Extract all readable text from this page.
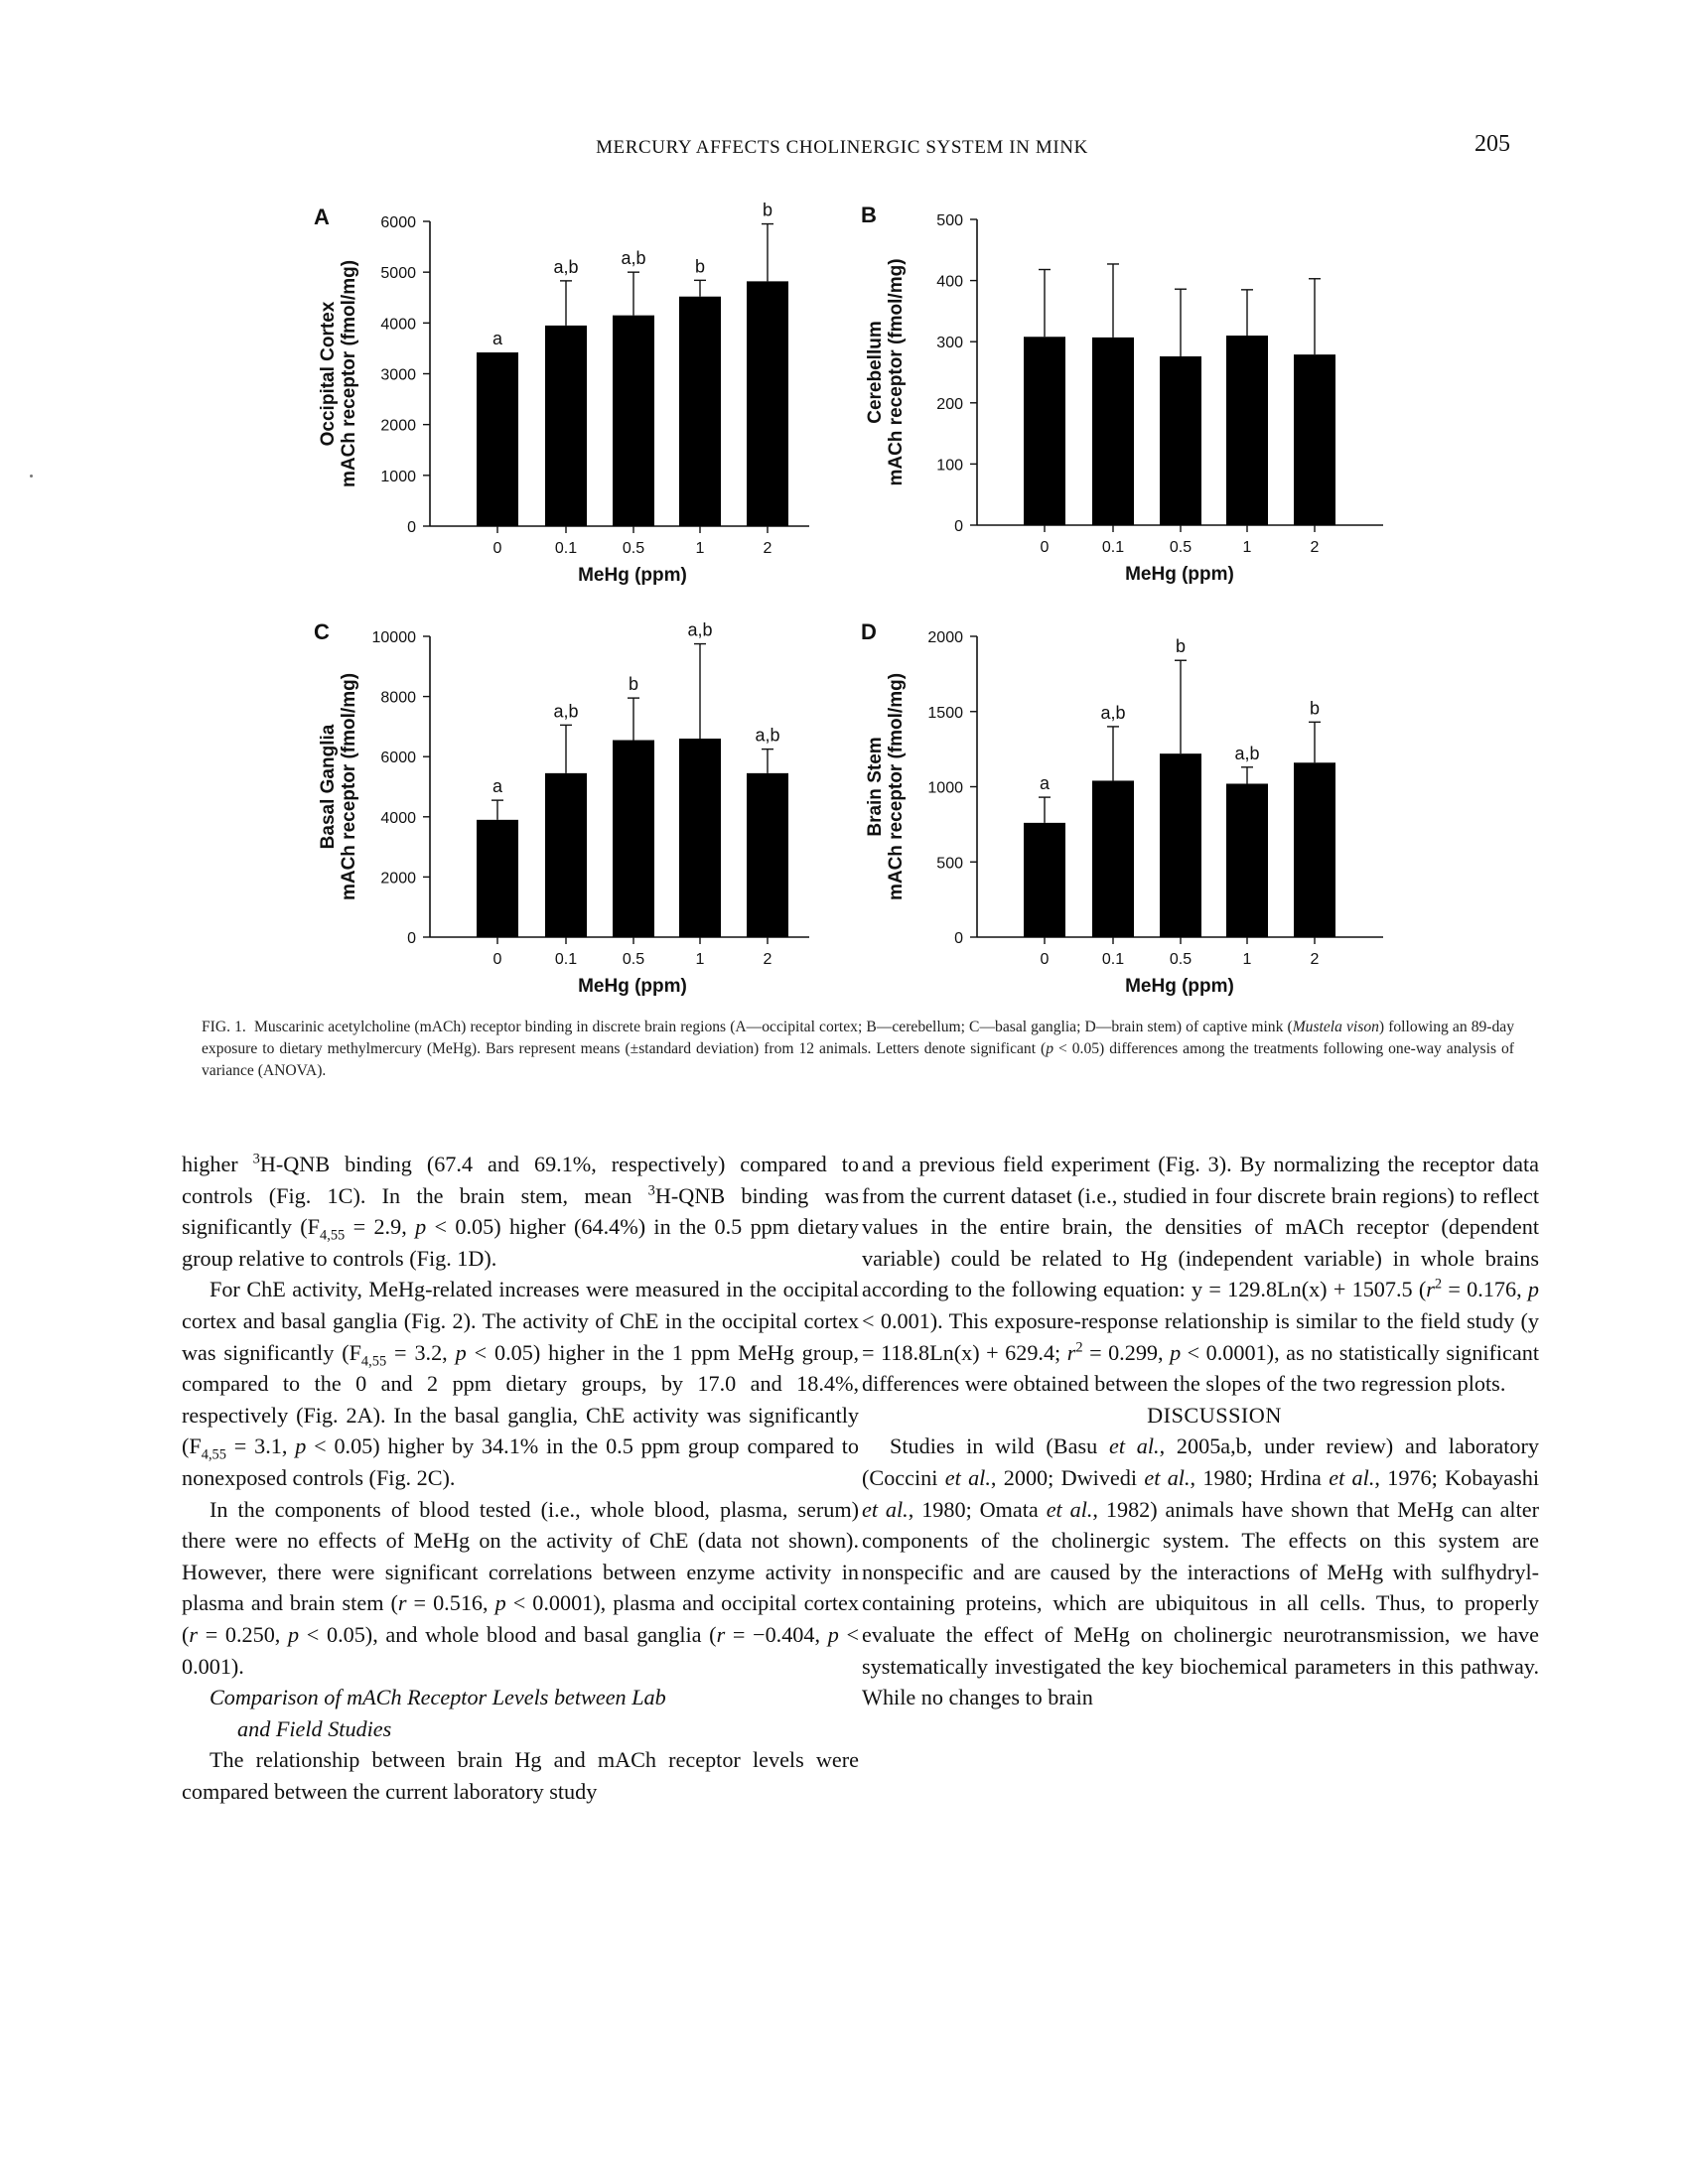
MERCURY AFFECTS CHOLINERGIC SYSTEM IN MINK	205
0
1000
2000
3000
4000
5000
6000
A
Occipital Cortex mACh receptor (fmol/mg)
0
a
0.1
a,b
0.5
a,b
1
b
2
b
MeHg (ppm)
0
100
200
300
400
500
B
Cerebellum mACh receptor (fmol/mg)
0	0.1	0.5	1	2
MeHg (ppm)
0
2000
4000
6000
8000
10000
C
Basal Ganglia mACh receptor (fmol/mg)
0
a
0.1
a,b
0.5
b
1
a,b
2
a,b
MeHg (ppm)
0
500
1000
1500
2000
D
Brain Stem mACh receptor (fmol/mg)
0
a
0.1
a,b
0.5
b
1
a,b
2
b
MeHg (ppm)
FIG. 1. Muscarinic acetylcholine (mACh) receptor binding in discrete brain regions (A—occipital cortex; B—cerebellum; C—basal ganglia; D—brain stem) of captive mink (Mustela vison) following an 89-day exposure to dietary methylmercury (MeHg). Bars represent means (±standard deviation) from 12 animals. Letters denote significant (p < 0.05) differences among the treatments following one-way analysis of variance (ANOVA).

higher $^3$H-QNB binding (67.4 and 69.1%, respectively) compared to controls (Fig. 1C). In the brain stem, mean $^3$H-QNB binding was significantly ($F_{4,55} = 2.9$, p < 0.05) higher (64.4%) in the 0.5 ppm dietary group relative to controls (Fig. 1D).

For ChE activity, MeHg-related increases were measured in the occipital cortex and basal ganglia (Fig. 2). The activity of ChE in the occipital cortex was significantly ($F_{4,55} = 3.2$, p < 0.05) higher in the 1 ppm MeHg group, compared to the 0 and 2 ppm dietary groups, by 17.0 and 18.4%, respectively (Fig. 2A). In the basal ganglia, ChE activity was significantly ($F_{4,55} = 3.1$, p < 0.05) higher by 34.1% in the 0.5 ppm group compared to nonexposed controls (Fig. 2C).

In the components of blood tested (i.e., whole blood, plasma, serum) there were no effects of MeHg on the activity of ChE (data not shown). However, there were significant correlations between enzyme activity in plasma and brain stem (r = 0.516, p < 0.0001), plasma and occipital cortex (r = 0.250, p < 0.05), and whole blood and basal ganglia (r = −0.404, p < 0.001).

Comparison of mACh Receptor Levels between Lab
and Field Studies

The relationship between brain Hg and mACh receptor levels were compared between the current laboratory study

and a previous field experiment (Fig. 3). By normalizing the receptor data from the current dataset (i.e., studied in four discrete brain regions) to reflect values in the entire brain, the densities of mACh receptor (dependent variable) could be related to Hg (independent variable) in whole brains according to the following equation: y = 129.8Ln(x) + 1507.5 ($r^2 = 0.176$, p < 0.001). This exposure-response relationship is similar to the field study (y = 118.8Ln(x) + 629.4; $r^2 = 0.299$, p < 0.0001), as no statistically significant differences were obtained between the slopes of the two regression plots.

DISCUSSION

Studies in wild (Basu et al., 2005a,b, under review) and laboratory (Coccini et al., 2000; Dwivedi et al., 1980; Hrdina et al., 1976; Kobayashi et al., 1980; Omata et al., 1982) animals have shown that MeHg can alter components of the cholinergic system. The effects on this system are nonspecific and are caused by the interactions of MeHg with sulfhydryl-containing proteins, which are ubiquitous in all cells. Thus, to properly evaluate the effect of MeHg on cholinergic neurotransmission, we have systematically investigated the key biochemical parameters in this pathway. While no changes to brain
